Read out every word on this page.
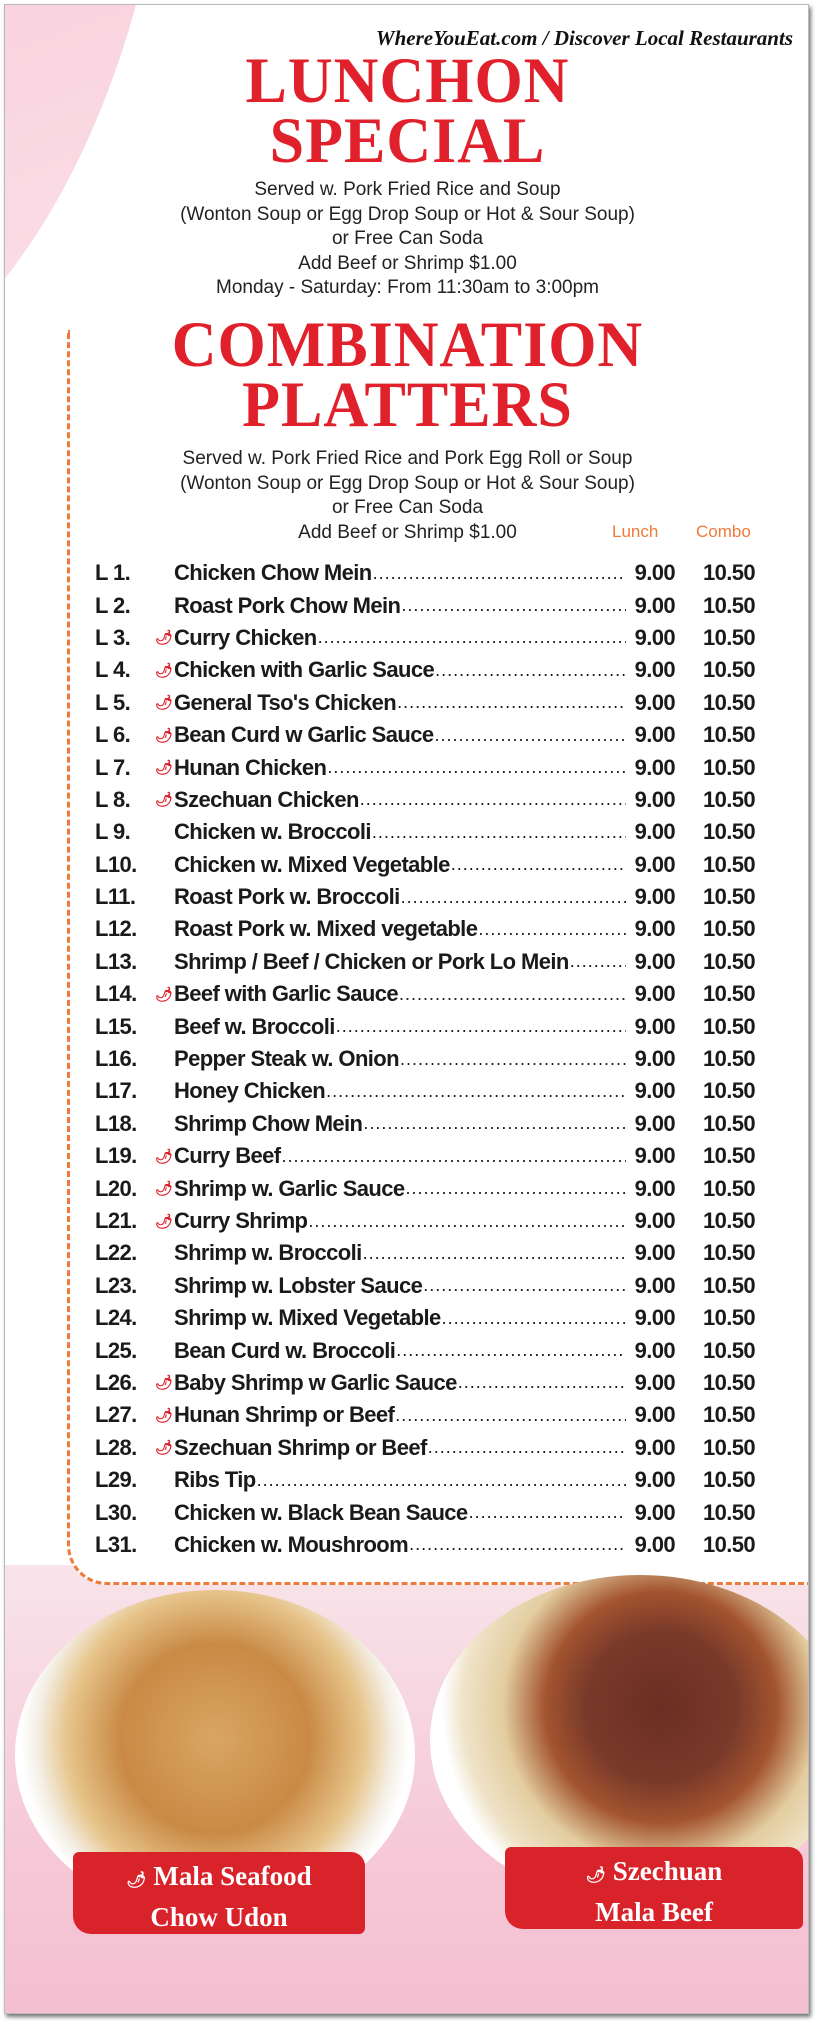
🌶︎ Mala Seafood
Chow Udon
🌶︎ Szechuan
Mala Beef
WhereYouEat.com / Discover Local Restaurants
LUNCHON
SPECIAL
Served w. Pork Fried Rice and Soup
(Wonton Soup or Egg Drop Soup or Hot & Sour Soup)
or Free Can Soda
Add Beef or Shrimp $1.00
Monday - Saturday: From 11:30am to 3:00pm
COMBINATION
PLATTERS
Served w. Pork Fried Rice and Pork Egg Roll or Soup
(Wonton Soup or Egg Drop Soup or Hot & Sour Soup)
or Free Can Soda
Add Beef or Shrimp $1.00	Lunch Combo
L 1.	Chicken Chow Mein .....	9.00	10.50
L 2.	Roast Pork Chow Mein .....	9.00	10.50
L 3.	🌶︎ Curry Chicken .....	9.00	10.50
L 4.	🌶︎ Chicken with Garlic Sauce .....	9.00	10.50
L 5.	🌶︎ General Tso's Chicken .....	9.00	10.50
L 6.	🌶︎ Bean Curd w Garlic Sauce .....	9.00	10.50
L 7.	🌶︎ Hunan Chicken .....	9.00	10.50
L 8.	🌶︎ Szechuan Chicken .....	9.00	10.50
L 9.	Chicken w. Broccoli .....	9.00	10.50
L10.	Chicken w. Mixed Vegetable .....	9.00	10.50
L11.	Roast Pork w. Broccoli .....	9.00	10.50
L12.	Roast Pork w. Mixed vegetable .....	9.00	10.50
L13.	Shrimp / Beef / Chicken or Pork Lo Mein .....	9.00	10.50
L14.	🌶︎ Beef with Garlic Sauce .....	9.00	10.50
L15.	Beef w. Broccoli .....	9.00	10.50
L16.	Pepper Steak w. Onion .....	9.00	10.50
L17.	Honey Chicken .....	9.00	10.50
L18.	Shrimp Chow Mein .....	9.00	10.50
L19.	🌶︎ Curry Beef .....	9.00	10.50
L20.	🌶︎ Shrimp w. Garlic Sauce .....	9.00	10.50
L21.	🌶︎ Curry Shrimp .....	9.00	10.50
L22.	Shrimp w. Broccoli .....	9.00	10.50
L23.	Shrimp w. Lobster Sauce .....	9.00	10.50
L24.	Shrimp w. Mixed Vegetable .....	9.00	10.50
L25.	Bean Curd w. Broccoli .....	9.00	10.50
L26.	🌶︎ Baby Shrimp w Garlic Sauce .....	9.00	10.50
L27.	🌶︎ Hunan Shrimp or Beef .....	9.00	10.50
L28.	🌶︎ Szechuan Shrimp or Beef .....	9.00	10.50
L29.	Ribs Tip .....	9.00	10.50
L30.	Chicken w. Black Bean Sauce .....	9.00	10.50
L31.	Chicken w. Moushroom .....	9.00	10.50
